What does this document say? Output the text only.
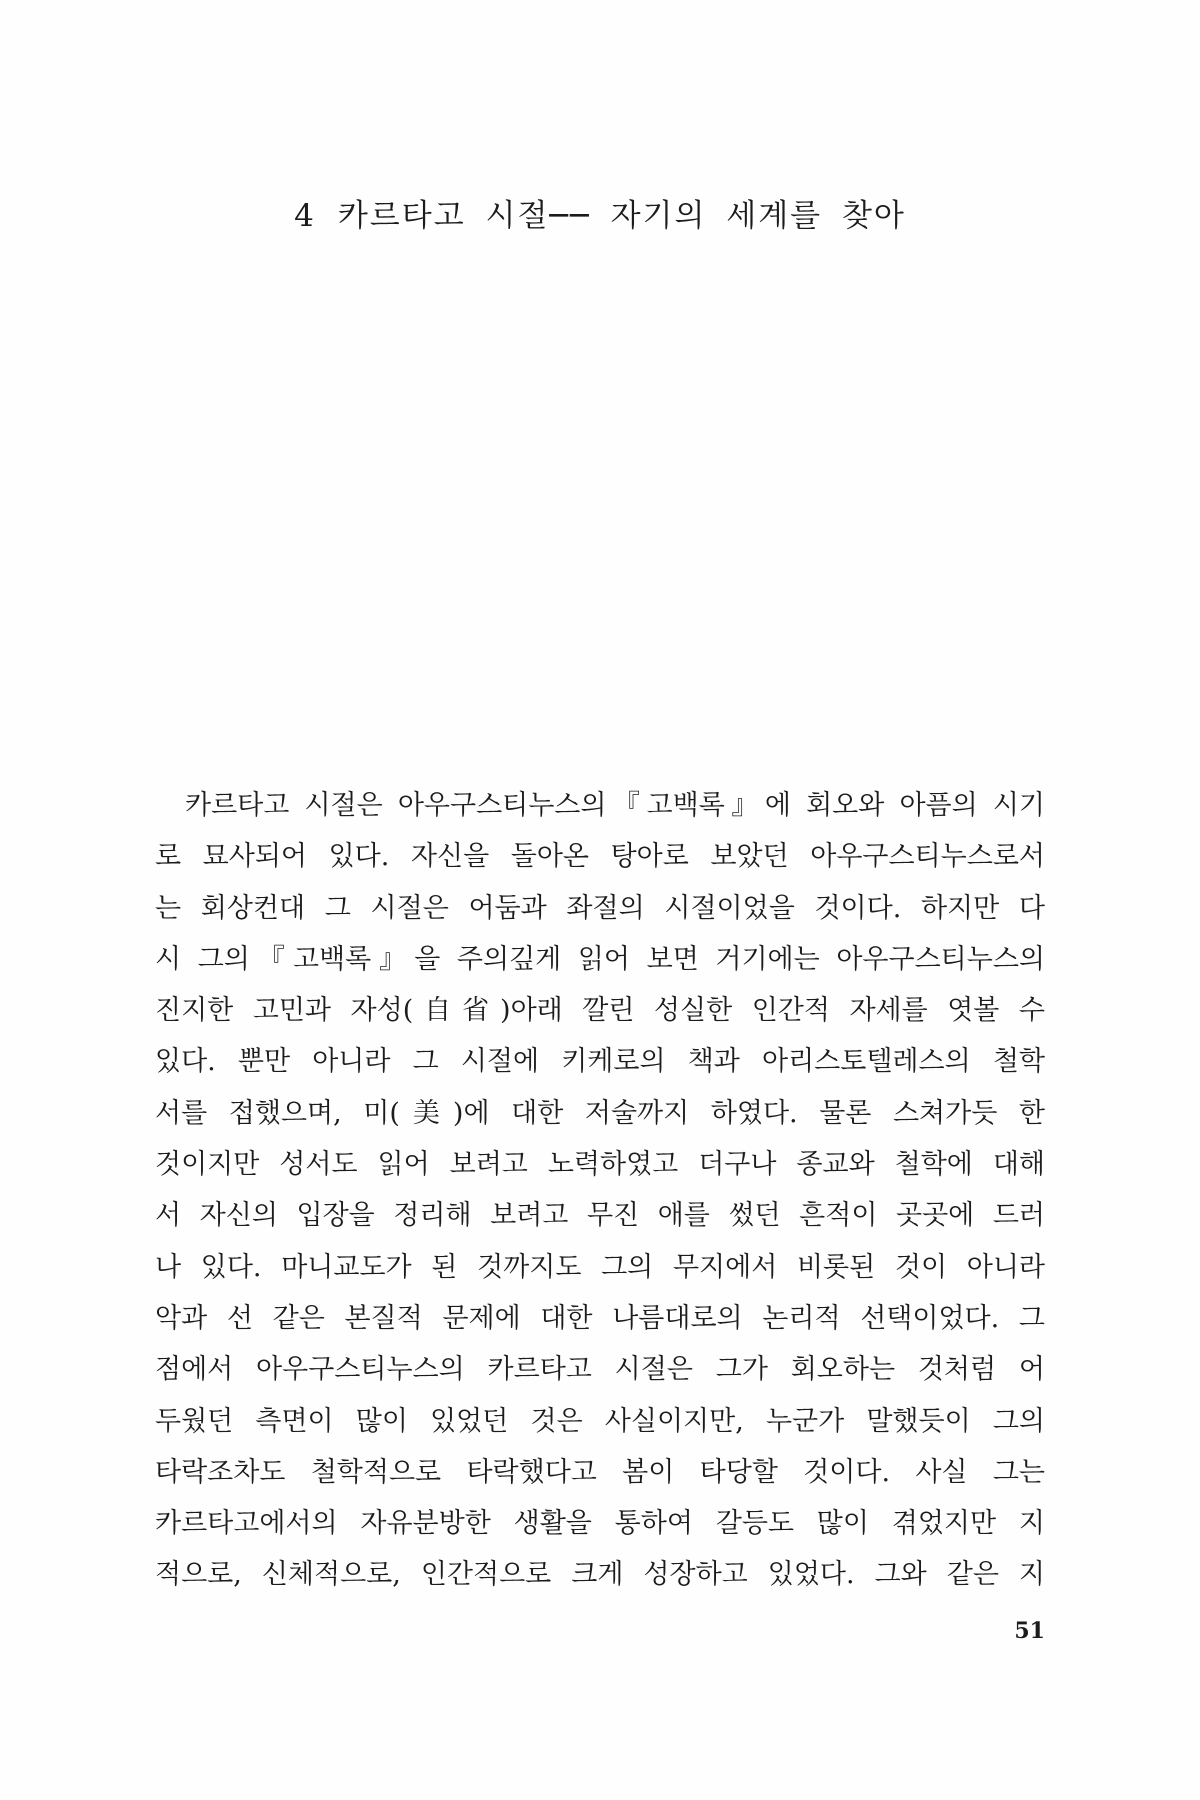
4 카르타고 시절── 자기의 세계를 찾아
카르타고 시절은 아우구스티누스의『고백록』에 회오와 아픔의 시기
로 묘사되어 있다. 자신을 돌아온 탕아로 보았던 아우구스티누스로서
는 회상컨대 그 시절은 어둠과 좌절의 시절이었을 것이다. 하지만 다
시 그의『고백록』을 주의깊게 읽어 보면 거기에는 아우구스티누스의
진지한 고민과 자성(自省)아래 깔린 성실한 인간적 자세를 엿볼 수
있다. 뿐만 아니라 그 시절에 키케로의 책과 아리스토텔레스의 철학
서를 접했으며, 미(美)에 대한 저술까지 하였다. 물론 스쳐가듯 한
것이지만 성서도 읽어 보려고 노력하였고 더구나 종교와 철학에 대해
서 자신의 입장을 정리해 보려고 무진 애를 썼던 흔적이 곳곳에 드러
나 있다. 마니교도가 된 것까지도 그의 무지에서 비롯된 것이 아니라
악과 선 같은 본질적 문제에 대한 나름대로의 논리적 선택이었다. 그
점에서 아우구스티누스의 카르타고 시절은 그가 회오하는 것처럼 어
두웠던 측면이 많이 있었던 것은 사실이지만, 누군가 말했듯이 그의
타락조차도 철학적으로 타락했다고 봄이 타당할 것이다. 사실 그는
카르타고에서의 자유분방한 생활을 통하여 갈등도 많이 겪었지만 지
적으로, 신체적으로, 인간적으로 크게 성장하고 있었다. 그와 같은 지
51
